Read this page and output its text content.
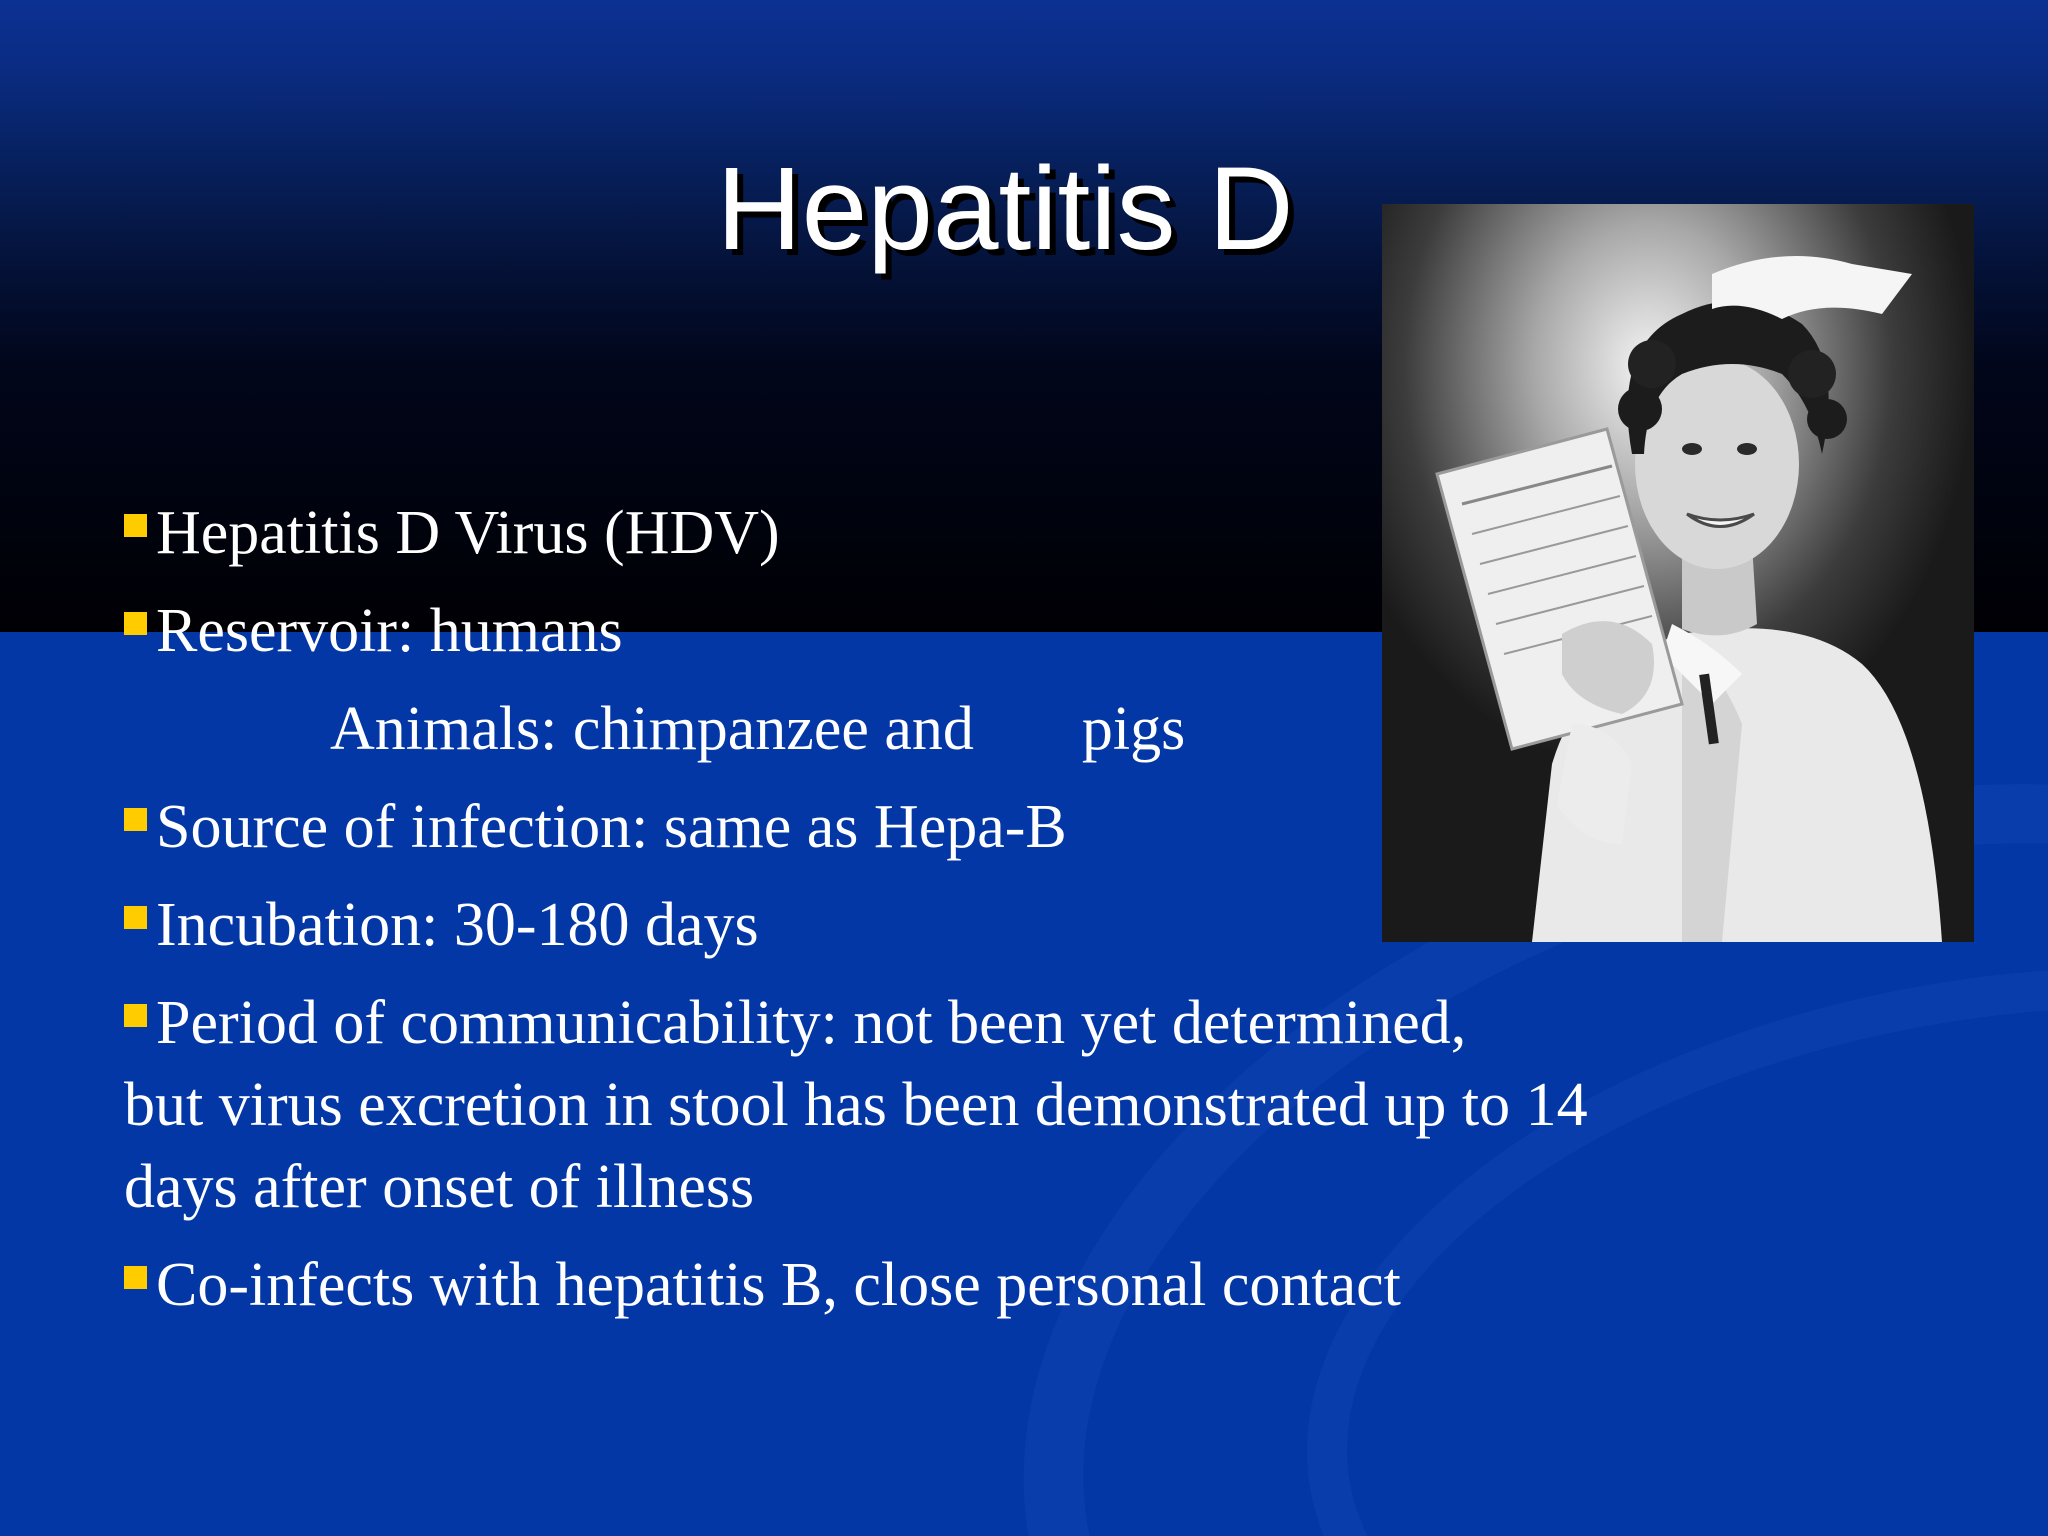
Hepatitis D
Hepatitis D Virus (HDV)
Reservoir: humans
Animals: chimpanzee and pigs
Source of infection: same as Hepa-B
Incubation: 30-180 days
Period of communicability: not been yet determined,
but virus excretion in stool has been demonstrated up to 14
days after onset of illness
Co-infects with hepatitis B, close personal contact
